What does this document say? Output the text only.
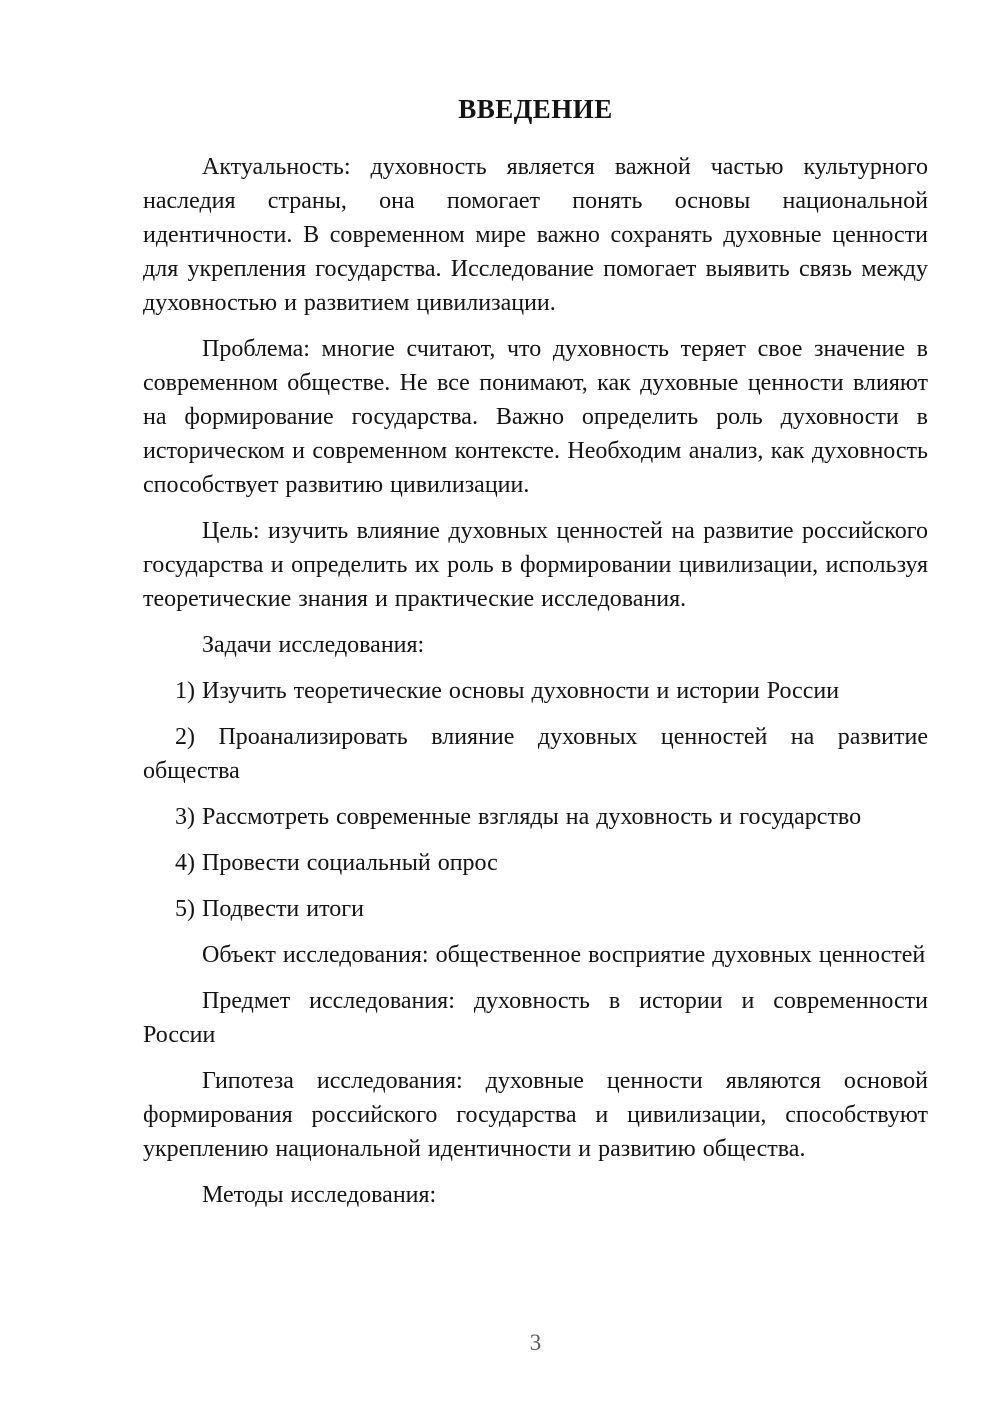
ВВЕДЕНИЕ

Актуальность: духовность является важной частью культурного наследия страны, она помогает понять основы национальной идентичности. В современном мире важно сохранять духовные ценности для укрепления государства. Исследование помогает выявить связь между духовностью и развитием цивилизации.

Проблема: многие считают, что духовность теряет свое значение в современном обществе. Не все понимают, как духовные ценности влияют на формирование государства. Важно определить роль духовности в историческом и современном контексте. Необходим анализ, как духовность способствует развитию цивилизации.

Цель: изучить влияние духовных ценностей на развитие российского государства и определить их роль в формировании цивилизации, используя теоретические знания и практические исследования.

Задачи исследования:

1) Изучить теоретические основы духовности и истории России

2) Проанализировать влияние духовных ценностей на развитие общества

3) Рассмотреть современные взгляды на духовность и государство

4) Провести социальный опрос

5) Подвести итоги

Объект исследования: общественное восприятие духовных ценностей

Предмет исследования: духовность в истории и современности России

Гипотеза исследования: духовные ценности являются основой формирования российского государства и цивилизации, способствуют укреплению национальной идентичности и развитию общества.

Методы исследования:

3
